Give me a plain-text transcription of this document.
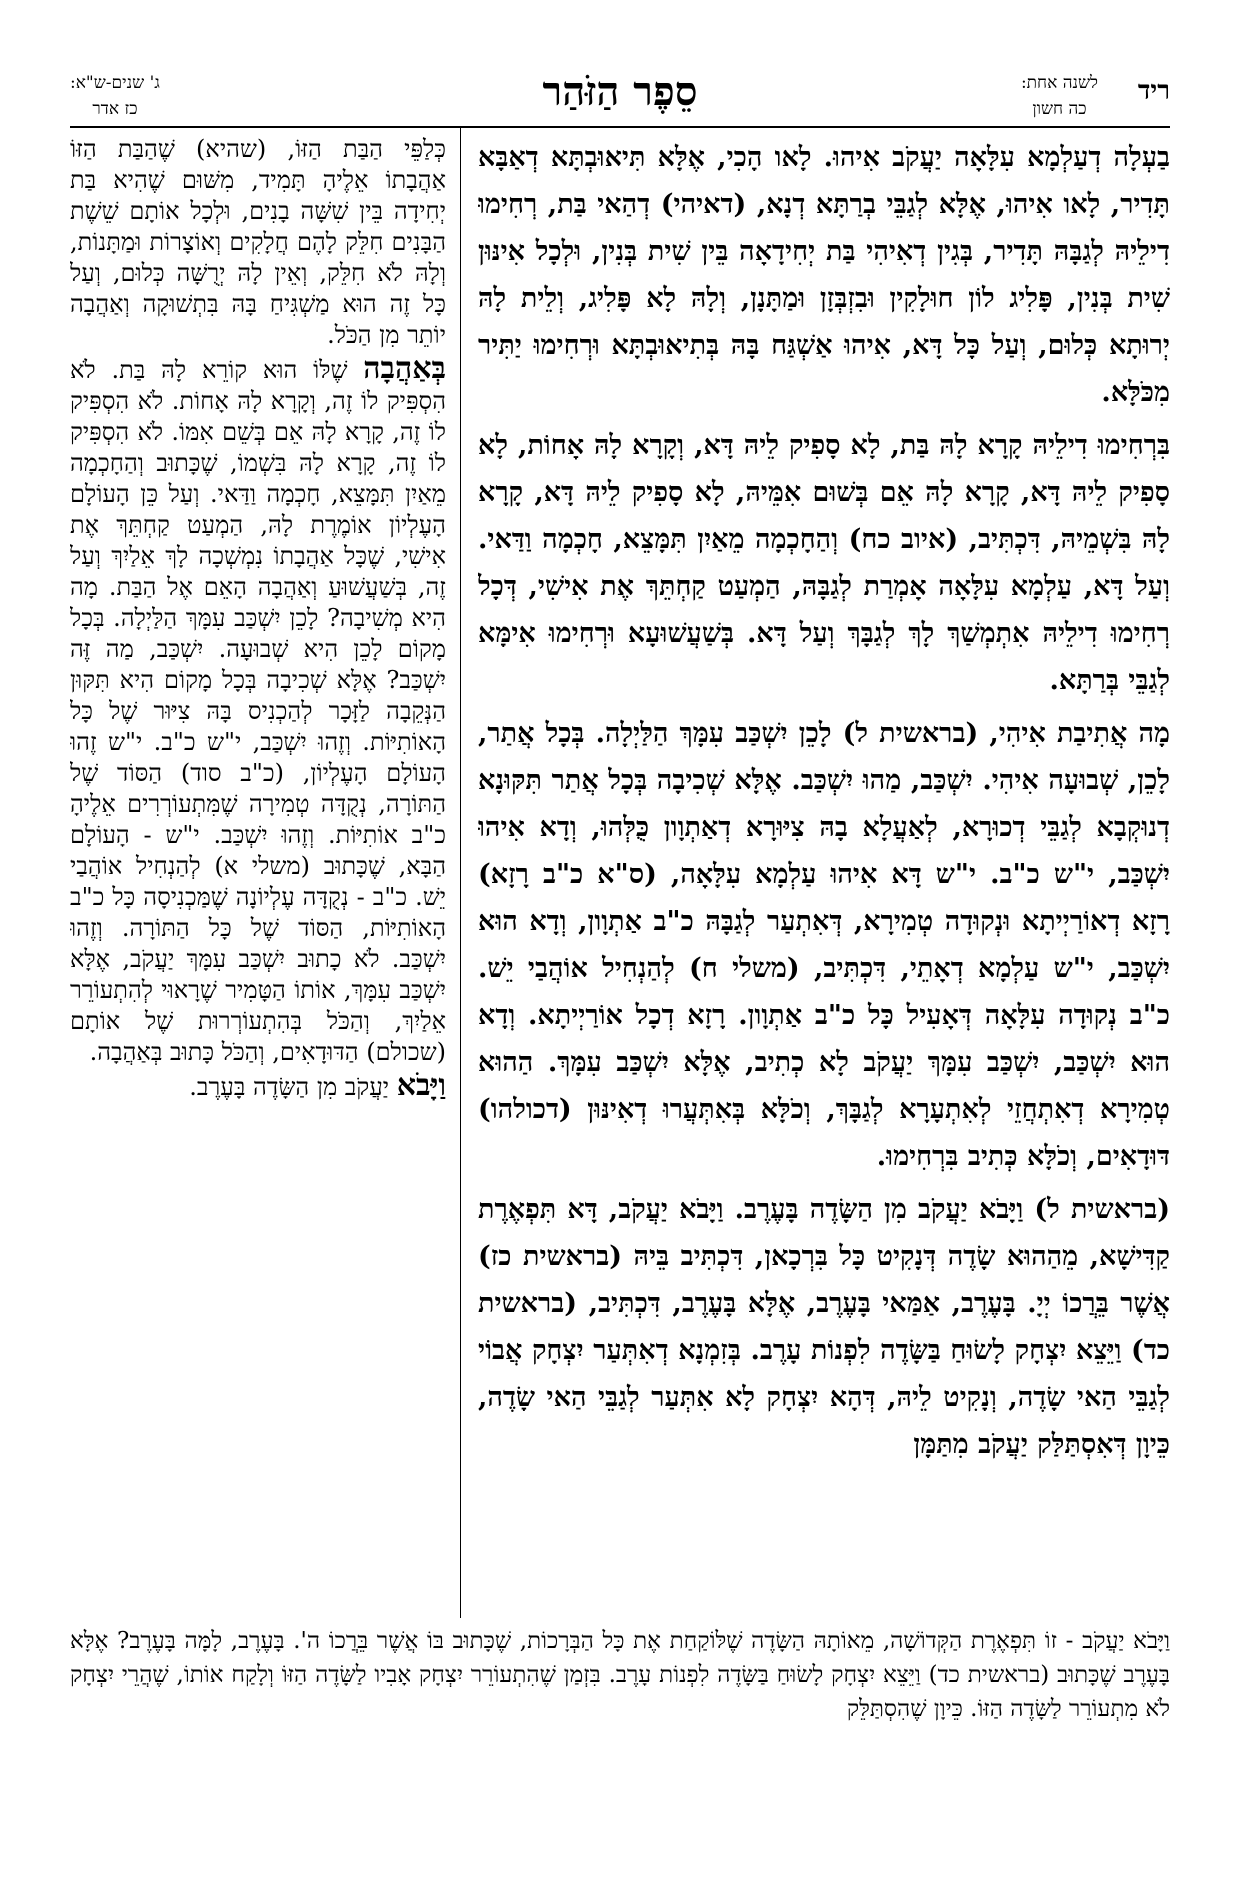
ריד
לשנה אחת:
כה חשון
סֵפֶר הַזֹּהַר
ג' שנים-ש"א:
כז אדר

בַעְלָה דְעַלְמָא עִלָּאָה יַעֲקֹב אִיהוּ. לָאו הָכִי, אֶלָּא תִּיאוּבְתָּא דְאַבָּא תָּדִיר, לָאו אִיהוּ, אֶלָּא לְגַבֵּי בְרַתָּא דְנָא, (דאיהי) דְהַאי בַּת, רְחִימוּ דִילֵיהּ לְגַבָּהּ תָּדִיר, בְּגִין דְאִיהִי בַּת יְחִידָאָה בֵּין שִׁית בְּנִין, וּלְכָל אִינּוּן שִׁית בְּנִין, פָּלִיג לוֹן חוּלָקִין וּבִזְבְּזָן וּמַתָּנָן, וְלָהּ לָא פָּלִיג, וְלֵית לָהּ יְרוּתָא כְּלוּם, וְעַל כָּל דָּא, אִיהוּ אַשְׁגַּח בָּהּ בְּתִיאוּבְתָּא וּרְחִימוּ יַתִּיר מִכֹּלָּא.

בִּרְחִימוּ דִילֵיהּ קָרָא לָהּ בַּת, לָא סָפִיק לֵיהּ דָּא, וְקָרָא לָהּ אָחוֹת, לָא סָפִיק לֵיהּ דָּא, קָרָא לָהּ אֵם בְּשׁוּם אִמֵּיהּ, לָא סָפִיק לֵיהּ דָּא, קָרָא לָהּ בִּשְׁמֵיהּ, דִּכְתִּיב, (איוב כח) וְהַחָכְמָה מֵאַיִן תִּמָּצֵא, חָכְמָה וַדַּאי. וְעַל דָּא, עַלְמָא עִלָּאָה אָמְרַת לְגַבָּהּ, הַמְעַט קַחְתֵּךְ אֶת אִישִׁי, דְּכָל רְחִימוּ דִילֵיהּ אִתְמְשַׁךְ לָךְ לְגַבָּךְ וְעַל דָּא. בְּשַׁעֲשׁוּעָא וּרְחִימוּ אִימָּא לְגַבֵּי בְּרַתָּא.

מָה אֲתִיבַת אִיהִי, (בראשית ל) לָכֵן יִשְׁכַּב עִמָּךְ הַלַּיְלָה. בְּכָל אֲתַר, לָכֵן, שְׁבוּעָה אִיהִי. יִשְׁכַּב, מַהוּ יִשְׁכַּב. אֶלָּא שְׁכִיבָה בְּכָל אֲתַר תִּקּוּנָא דְנוּקְבָא לְגַבֵּי דְכוּרָא, לְאַעֲלָא בָהּ צִיּוּרָא דְאַתְוָון כֻּלְּהוּ, וְדָא אִיהוּ יִשְׁכַּב, י"ש כ"ב. י"ש דָּא אִיהוּ עַלְמָא עִלָּאָה, (ס"א כ"ב רָזָא) רָזָא דְאוֹרַיְיתָא וּנְקוּדָה טְמִירָא, דְּאִתְעַר לְגַבָּהּ כ"ב אַתְוָון, וְדָא הוּא יִשְׁכַּב, י"ש עַלְמָא דְאָתֵי, דִּכְתִּיב, (משלי ח) לְהַנְחִיל אוֹהֲבַי יֵשׁ. כ"ב נְקוּדָה עִלָּאָה דְּאָעִיל כָּל כ"ב אַתְוָון. רָזָא דְכָל אוֹרַיְיתָא. וְדָא הוּא יִשְׁכַּב, יִשְׁכַּב עִמָּךְ יַעֲקֹב לָא כְתִיב, אֶלָּא יִשְׁכַּב עִמָּךְ. הַהוּא טְמִירָא דְאִתְחֲזֵי לְאִתְעָרָא לְגַבָּךְ, וְכֹלָּא בְּאִתְּעֲרוּ דְאִינּוּן (דכולהו) דּוּדָאִים, וְכֹלָּא כְּתִיב בִּרְחִימוּ.

(בראשית ל) וַיָּבֹא יַעֲקֹב מִן הַשָּׂדֶה בָּעֶרֶב. וַיָּבֹא יַעֲקֹב, דָּא תִּפְאֶרֶת קַדִּישָׁא, מֵהַהוּא שָׂדֶה דְּנָקִיט כָּל בִּרְכָאן, דִּכְתִּיב בֵּיהּ (בראשית כז) אֲשֶׁר בֵּרֲכוֹ יְיָ. בָּעֶרֶב, אַמַּאי בָּעֶרֶב, אֶלָּא בָּעֶרֶב, דִּכְתִּיב, (בראשית כד) וַיֵּצֵא יִצְחָק לָשׂוּחַ בַּשָּׂדֶה לִפְנוֹת עָרֶב. בְּזִמְנָא דְאִתְּעַר יִצְחָק אֲבוֹי לְגַבֵּי הַאי שָׂדֶה, וְנָקִיט לֵיהּ, דְּהָא יִצְחָק לָא אִתְּעַר לְגַבֵּי הַאי שָׂדֶה, כֵּיוָן דְּאִסְתַּלַּק יַעֲקֹב מִתַּמָּן

כְּלַפֵּי הַבַּת הַזּוֹ, (שהיא) שֶׁהַבַּת הַזּוֹ אַהֲבָתוֹ אֵלֶיהָ תָּמִיד, מִשּׁוּם שֶׁהִיא בַּת יְחִידָה בֵּין שִׁשָּׁה בָנִים, וּלְכָל אוֹתָם שֵׁשֶׁת הַבָּנִים חִלֵּק לָהֶם חֲלָקִים וְאוֹצָרוֹת וּמַתָּנוֹת, וְלָהּ לֹא חִלֵּק, וְאֵין לָהּ יְרֻשָּׁה כְּלוּם, וְעַל כָּל זֶה הוּא מַשְׁגִּיחַ בָּהּ בִּתְשׁוּקָה וְאַהֲבָה יוֹתֵר מִן הַכֹּל.

בְּאַהֲבָה שֶׁלּוֹ הוּא קוֹרֵא לָהּ בַּת. לֹא הִסְפִּיק לוֹ זֶה, וְקָרָא לָהּ אָחוֹת. לֹא הִסְפִּיק לוֹ זֶה, קָרָא לָהּ אֵם בְּשֵׁם אִמּוֹ. לֹא הִסְפִּיק לוֹ זֶה, קָרָא לָהּ בִּשְׁמוֹ, שֶׁכָּתוּב וְהַחָכְמָה מֵאַיִן תִּמָּצֵא, חָכְמָה וַדַּאי. וְעַל כֵּן הָעוֹלָם הָעֶלְיוֹן אוֹמֶרֶת לָהּ, הַמְעַט קַחְתֵּךְ אֶת אִישִׁי, שֶׁכָּל אַהֲבָתוֹ נִמְשְׁכָה לָךְ אֵלַיִךְ וְעַל זֶה, בְּשַׁעֲשׁוּעַ וְאַהֲבָה הָאֵם אֶל הַבַּת. מָה הִיא מְשִׁיבָה? לָכֵן יִשְׁכַּב עִמָּךְ הַלַּיְלָה. בְּכָל מָקוֹם לָכֵן הִיא שְׁבוּעָה. יִשְׁכַּב, מַה זֶּה יִשְׁכַּב? אֶלָּא שְׁכִיבָה בְּכָל מָקוֹם הִיא תִּקּוּן הַנְּקֵבָה לַזָּכָר לְהַכְנִיס בָּהּ צִיּוּר שֶׁל כָּל הָאוֹתִיּוֹת. וְזֶהוּ יִשְׁכַּב, י"ש כ"ב. י"ש זֶהוּ הָעוֹלָם הָעֶלְיוֹן, (כ"ב סוד) הַסּוֹד שֶׁל הַתּוֹרָה, נְקֻדָּה טְמִירָה שֶׁמִּתְעוֹרְרִים אֵלֶיהָ כ"ב אוֹתִיּוֹת. וְזֶהוּ יִשְׁכַּב. י"ש - הָעוֹלָם הַבָּא, שֶׁכָּתוּב (משלי א) לְהַנְחִיל אוֹהֲבַי יֵשׁ. כ"ב - נְקֻדָּה עֶלְיוֹנָה שֶׁמַּכְנִיסָה כָּל כ"ב הָאוֹתִיּוֹת, הַסּוֹד שֶׁל כָּל הַתּוֹרָה. וְזֶהוּ יִשְׁכַּב. לֹא כָתוּב יִשְׁכַּב עִמָּךְ יַעֲקֹב, אֶלָּא יִשְׁכַּב עִמָּךְ, אוֹתוֹ הַטָּמִיר שֶׁרָאוּי לְהִתְעוֹרֵר אֵלַיִךְ, וְהַכֹּל בְּהִתְעוֹרְרוּת שֶׁל אוֹתָם (שכולם) הַדּוּדָאִים, וְהַכֹּל כָּתוּב בְּאַהֲבָה.

וַיָּבֹא יַעֲקֹב מִן הַשָּׂדֶה בָּעֶרֶב.

וַיָּבֹא יַעֲקֹב - זוֹ תִּפְאֶרֶת הַקְּדוֹשָׁה, מֵאוֹתָהּ הַשָּׂדֶה שֶׁלּוֹקַחַת אֶת כָּל הַבְּרָכוֹת, שֶׁכָּתוּב בּוֹ אֲשֶׁר בֵּרֲכוֹ ה'. בָּעֶרֶב, לָמָּה בָּעֶרֶב? אֶלָּא בָּעֶרֶב שֶׁכָּתוּב (בראשית כד) וַיֵּצֵא יִצְחָק לָשׂוּחַ בַּשָּׂדֶה לִפְנוֹת עָרֶב. בִּזְמַן שֶׁהִתְעוֹרֵר יִצְחָק אָבִיו לַשָּׂדֶה הַזּוֹ וְלָקַח אוֹתוֹ, שֶׁהֲרֵי יִצְחָק לֹא מִתְעוֹרֵר לַשָּׂדֶה הַזּוֹ. כֵּיוָן שֶׁהִסְתַּלֵּק
